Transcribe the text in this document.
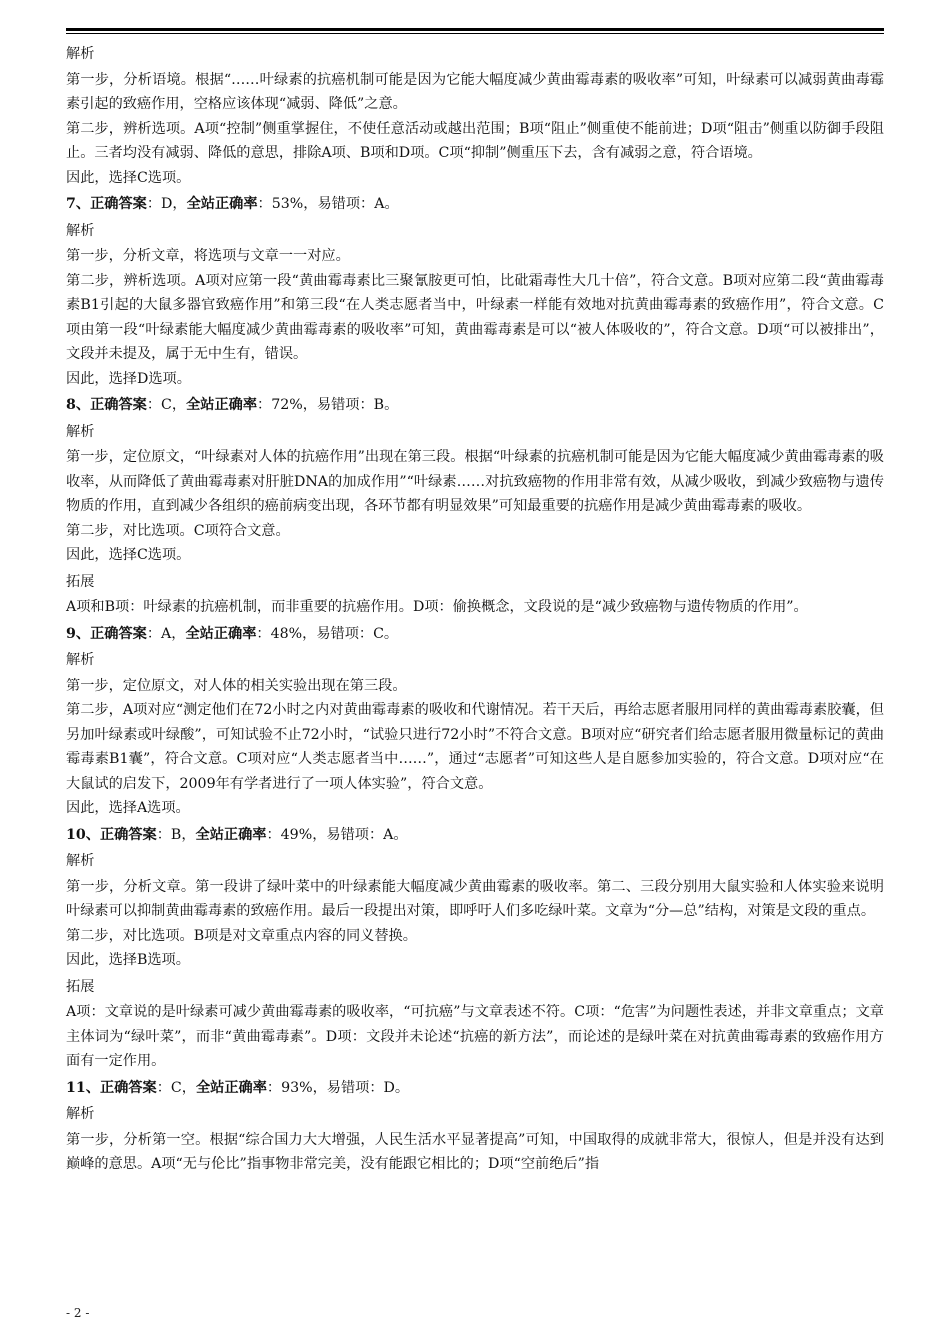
解析
第一步，分析语境。根据“……叶绿素的抗癌机制可能是因为它能大幅度减少黄曲霉毒素的吸收率”可知，叶绿素可以减弱黄曲毒霉素引起的致癌作用，空格应该体现“减弱、降低”之意。
第二步，辨析选项。A项“控制”侧重掌握住，不使任意活动或越出范围；B项“阻止”侧重使不能前进；D项“阻击”侧重以防御手段阻止。三者均没有减弱、降低的意思，排除A项、B项和D项。C项“抑制”侧重压下去，含有减弱之意，符合语境。
因此，选择C选项。
7、正确答案：D，全站正确率：53%，易错项：A。
解析
第一步，分析文章，将选项与文章一一对应。
第二步，辨析选项。A项对应第一段“黄曲霉毒素比三聚氰胺更可怕，比砒霜毒性大几十倍”，符合文意。B项对应第二段“黄曲霉毒素B1引起的大鼠多器官致癌作用”和第三段“在人类志愿者当中，叶绿素一样能有效地对抗黄曲霉毒素的致癌作用”，符合文意。C项由第一段“叶绿素能大幅度减少黄曲霉毒素的吸收率”可知，黄曲霉毒素是可以“被人体吸收的”，符合文意。D项“可以被排出”，文段并未提及，属于无中生有，错误。
因此，选择D选项。
8、正确答案：C，全站正确率：72%，易错项：B。
解析
第一步，定位原文，“叶绿素对人体的抗癌作用”出现在第三段。根据“叶绿素的抗癌机制可能是因为它能大幅度减少黄曲霉毒素的吸收率，从而降低了黄曲霉毒素对肝脏DNA的加成作用”“叶绿素……对抗致癌物的作用非常有效，从减少吸收，到减少致癌物与遗传物质的作用，直到减少各组织的癌前病变出现，各环节都有明显效果”可知最重要的抗癌作用是减少黄曲霉毒素的吸收。
第二步，对比选项。C项符合文意。
因此，选择C选项。
拓展
A项和B项：叶绿素的抗癌机制，而非重要的抗癌作用。D项：偷换概念，文段说的是“减少致癌物与遗传物质的作用”。
9、正确答案：A，全站正确率：48%，易错项：C。
解析
第一步，定位原文，对人体的相关实验出现在第三段。
第二步，A项对应“测定他们在72小时之内对黄曲霉毒素的吸收和代谢情况。若干天后，再给志愿者服用同样的黄曲霉毒素胶囊，但另加叶绿素或叶绿酸”，可知试验不止72小时，“试验只进行72小时”不符合文意。B项对应“研究者们给志愿者服用微量标记的黄曲霉毒素B1囊”，符合文意。C项对应“人类志愿者当中……”，通过“志愿者”可知这些人是自愿参加实验的，符合文意。D项对应“在大鼠试的启发下，2009年有学者进行了一项人体实验”，符合文意。
因此，选择A选项。
10、正确答案：B，全站正确率：49%，易错项：A。
解析
第一步，分析文章。第一段讲了绿叶菜中的叶绿素能大幅度减少黄曲霉素的吸收率。第二、三段分别用大鼠实验和人体实验来说明叶绿素可以抑制黄曲霉毒素的致癌作用。最后一段提出对策，即呼吁人们多吃绿叶菜。文章为“分—总”结构，对策是文段的重点。
第二步，对比选项。B项是对文章重点内容的同义替换。
因此，选择B选项。
拓展
A项：文章说的是叶绿素可减少黄曲霉毒素的吸收率，“可抗癌”与文章表述不符。C项：“危害”为问题性表述，并非文章重点；文章主体词为“绿叶菜”，而非“黄曲霉毒素”。D项：文段并未论述“抗癌的新方法”，而论述的是绿叶菜在对抗黄曲霉毒素的致癌作用方面有一定作用。
11、正确答案：C，全站正确率：93%，易错项：D。
解析
第一步，分析第一空。根据“综合国力大大增强，人民生活水平显著提高”可知，中国取得的成就非常大，很惊人，但是并没有达到巅峰的意思。A项“无与伦比”指事物非常完美，没有能跟它相比的；D项“空前绝后”指
- 2 -
